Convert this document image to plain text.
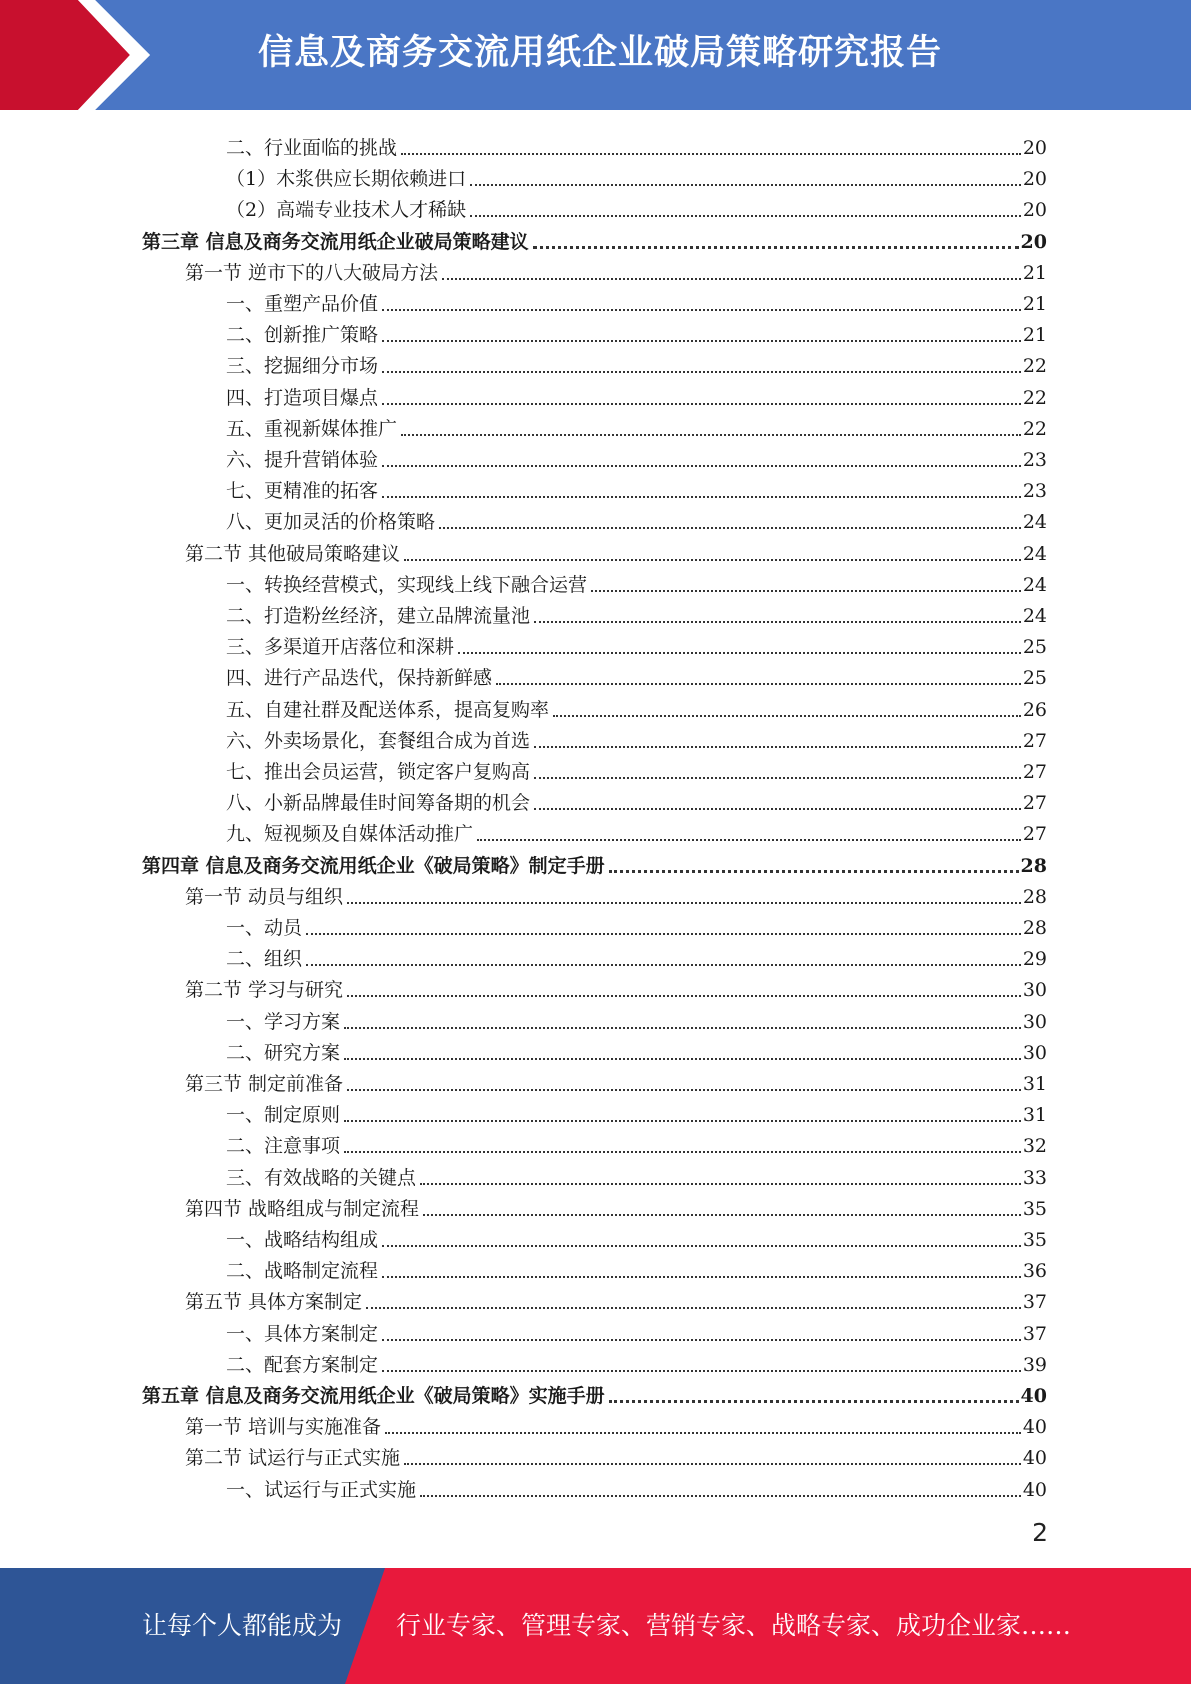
信息及商务交流用纸企业破局策略研究报告
二、行业面临的挑战	20
（1）木浆供应长期依赖进口	20
（2）高端专业技术人才稀缺	20
第三章 信息及商务交流用纸企业破局策略建议	20
第一节 逆市下的八大破局方法	21
一、重塑产品价值	21
二、创新推广策略	21
三、挖掘细分市场	22
四、打造项目爆点	22
五、重视新媒体推广	22
六、提升营销体验	23
七、更精准的拓客	23
八、更加灵活的价格策略	24
第二节 其他破局策略建议	24
一、转换经营模式，实现线上线下融合运营	24
二、打造粉丝经济，建立品牌流量池	24
三、多渠道开店落位和深耕	25
四、进行产品迭代，保持新鲜感	25
五、自建社群及配送体系，提高复购率	26
六、外卖场景化，套餐组合成为首选	27
七、推出会员运营，锁定客户复购高	27
八、小新品牌最佳时间筹备期的机会	27
九、短视频及自媒体活动推广	27
第四章 信息及商务交流用纸企业《破局策略》制定手册	28
第一节 动员与组织	28
一、动员	28
二、组织	29
第二节 学习与研究	30
一、学习方案	30
二、研究方案	30
第三节 制定前准备	31
一、制定原则	31
二、注意事项	32
三、有效战略的关键点	33
第四节 战略组成与制定流程	35
一、战略结构组成	35
二、战略制定流程	36
第五节 具体方案制定	37
一、具体方案制定	37
二、配套方案制定	39
第五章 信息及商务交流用纸企业《破局策略》实施手册	40
第一节 培训与实施准备	40
第二节 试运行与正式实施	40
一、试运行与正式实施	40
2
让每个人都能成为 行业专家、管理专家、营销专家、战略专家、成功企业家……
